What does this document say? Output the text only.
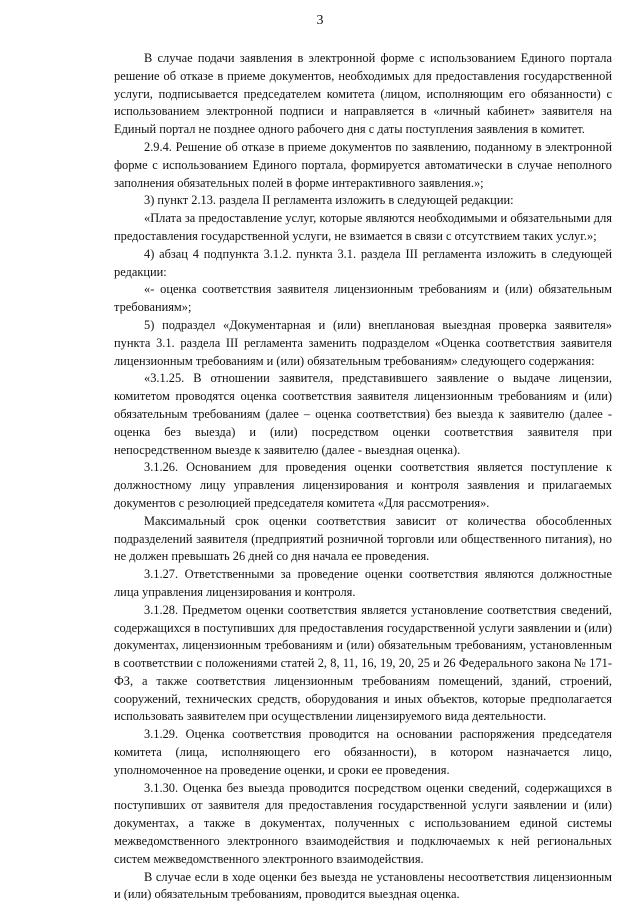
3

В случае подачи заявления в электронной форме с использованием Единого портала решение об отказе в приеме документов, необходимых для предоставления государственной услуги, подписывается председателем комитета (лицом, исполняющим его обязанности) с использованием электронной подписи и направляется в «личный кабинет» заявителя на Единый портал не позднее одного рабочего дня с даты поступления заявления в комитет.

2.9.4. Решение об отказе в приеме документов по заявлению, поданному в электронной форме с использованием Единого портала, формируется автоматически в случае неполного заполнения обязательных полей в форме интерактивного заявления.»;

3) пункт 2.13. раздела II регламента изложить в следующей редакции:

«Плата за предоставление услуг, которые являются необходимыми и обязательными для предоставления государственной услуги, не взимается в связи с отсутствием таких услуг.»;

4) абзац 4 подпункта 3.1.2. пункта 3.1. раздела III регламента изложить в следующей редакции:

«- оценка соответствия заявителя лицензионным требованиям и (или) обязательным требованиям»;

5) подраздел «Документарная и (или) внеплановая выездная проверка заявителя» пункта 3.1. раздела III регламента заменить подразделом «Оценка соответствия заявителя лицензионным требованиям и (или) обязательным требованиям» следующего содержания:

«3.1.25. В отношении заявителя, представившего заявление о выдаче лицензии, комитетом проводятся оценка соответствия заявителя лицензионным требованиям и (или) обязательным требованиям (далее – оценка соответствия) без выезда к заявителю (далее - оценка без выезда) и (или) посредством оценки соответствия заявителя при непосредственном выезде к заявителю (далее - выездная оценка).

3.1.26. Основанием для проведения оценки соответствия является поступление к должностному лицу управления лицензирования и контроля заявления и прилагаемых документов с резолюцией председателя комитета «Для рассмотрения».

Максимальный срок оценки соответствия зависит от количества обособленных подразделений заявителя (предприятий розничной торговли или общественного питания), но не должен превышать 26 дней со дня начала ее проведения.

3.1.27. Ответственными за проведение оценки соответствия являются должностные лица управления лицензирования и контроля.

3.1.28. Предметом оценки соответствия является установление соответствия сведений, содержащихся в поступивших для предоставления государственной услуги заявлении и (или) документах, лицензионным требованиям и (или) обязательным требованиям, установленным в соответствии с положениями статей 2, 8, 11, 16, 19, 20, 25 и 26 Федерального закона № 171-ФЗ, а также соответствия лицензионным требованиям помещений, зданий, строений, сооружений, технических средств, оборудования и иных объектов, которые предполагается использовать заявителем при осуществлении лицензируемого вида деятельности.

3.1.29. Оценка соответствия проводится на основании распоряжения председателя комитета (лица, исполняющего его обязанности), в котором назначается лицо, уполномоченное на проведение оценки, и сроки ее проведения.

3.1.30. Оценка без выезда проводится посредством оценки сведений, содержащихся в поступивших от заявителя для предоставления государственной услуги заявлении и (или) документах, а также в документах, полученных с использованием единой системы межведомственного электронного взаимодействия и подключаемых к ней региональных систем межведомственного электронного взаимодействия.

В случае если в ходе оценки без выезда не установлены несоответствия лицензионным и (или) обязательным требованиям, проводится выездная оценка.
